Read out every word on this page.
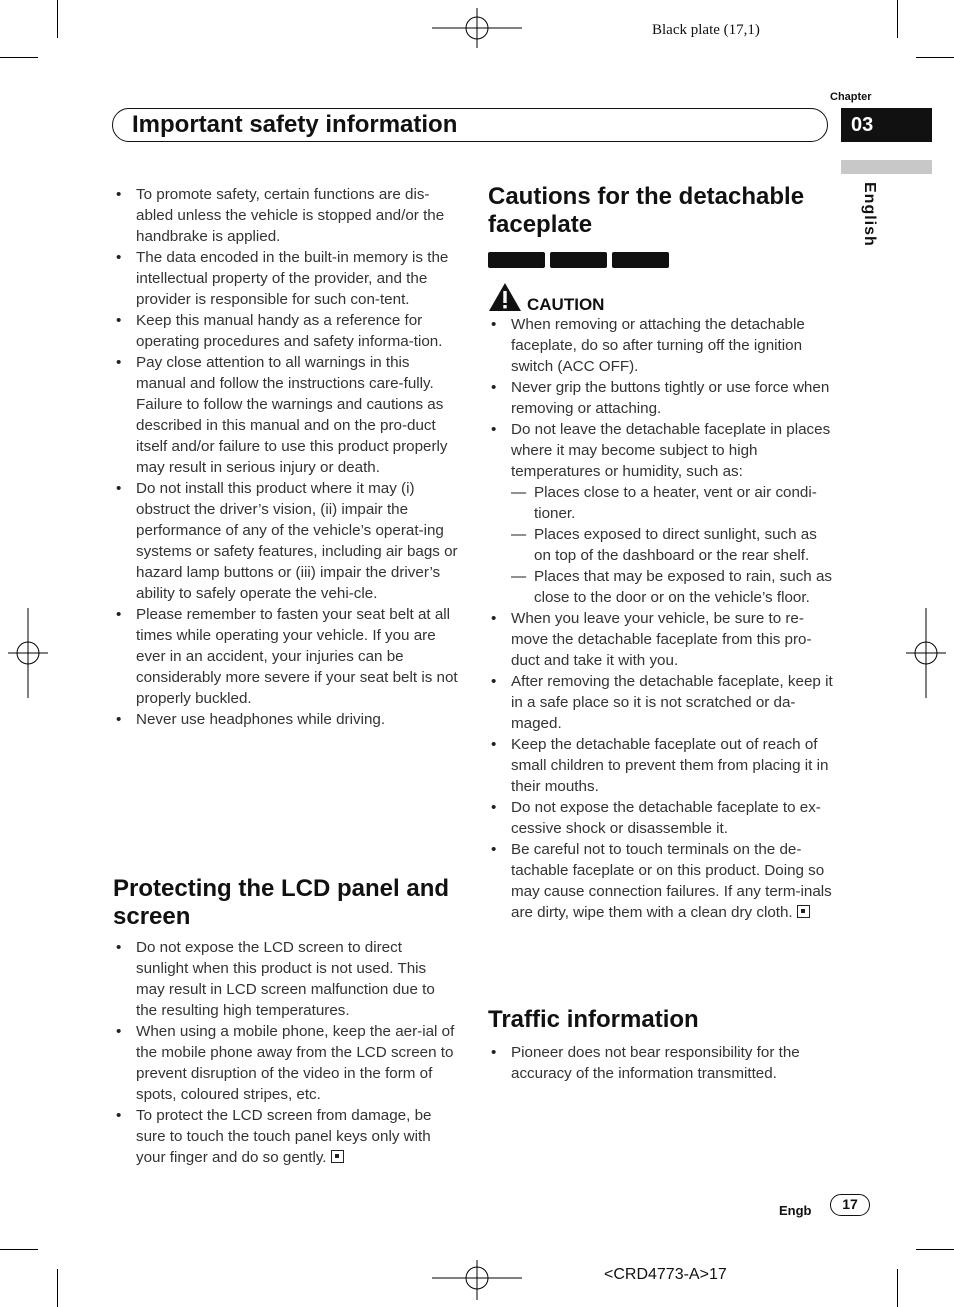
Black plate (17,1)
Chapter
03
English
Important safety information
• To promote safety, certain functions are dis-abled unless the vehicle is stopped and/or the handbrake is applied.
• The data encoded in the built-in memory is the intellectual property of the provider, and the provider is responsible for such con-tent.
• Keep this manual handy as a reference for operating procedures and safety informa-tion.
• Pay close attention to all warnings in this manual and follow the instructions care-fully.

Failure to follow the warnings and cautions as described in this manual and on the pro-duct itself and/or failure to use this product properly may result in serious injury or death.

• Do not install this product where it may (i) obstruct the driver’s vision, (ii) impair the performance of any of the vehicle’s operat-ing systems or safety features, including air bags or hazard lamp buttons or (iii) impair the driver’s ability to safely operate the vehi-cle.
• Please remember to fasten your seat belt at all times while operating your vehicle. If you are ever in an accident, your injuries can be considerably more severe if your seat belt is not properly buckled.
• Never use headphones while driving.
Protecting the LCD panel and screen
• Do not expose the LCD screen to direct sunlight when this product is not used. This may result in LCD screen malfunction due to the resulting high temperatures.
• When using a mobile phone, keep the aer-ial of the mobile phone away from the LCD screen to prevent disruption of the video in the form of spots, coloured stripes, etc.
• To protect the LCD screen from damage, be sure to touch the touch panel keys only with your finger and do so gently.
Cautions for the detachable faceplate
CAUTION
• When removing or attaching the detachable faceplate, do so after turning off the ignition switch (ACC OFF).
• Never grip the buttons tightly or use force when removing or attaching.
• Do not leave the detachable faceplate in places where it may become subject to high temperatures or humidity, such as:
— Places close to a heater, vent or air condi-tioner.
— Places exposed to direct sunlight, such as on top of the dashboard or the rear shelf.
— Places that may be exposed to rain, such as close to the door or on the vehicle’s floor.
• When you leave your vehicle, be sure to re-move the detachable faceplate from this pro-duct and take it with you.
• After removing the detachable faceplate, keep it in a safe place so it is not scratched or da-maged.
• Keep the detachable faceplate out of reach of small children to prevent them from placing it in their mouths.
• Do not expose the detachable faceplate to ex-cessive shock or disassemble it.
• Be careful not to touch terminals on the de-tachable faceplate or on this product. Doing so may cause connection failures. If any term-inals are dirty, wipe them with a clean dry cloth.
Traffic information
• Pioneer does not bear responsibility for the accuracy of the information transmitted.
Engb	17
<CRD4773-A>17
